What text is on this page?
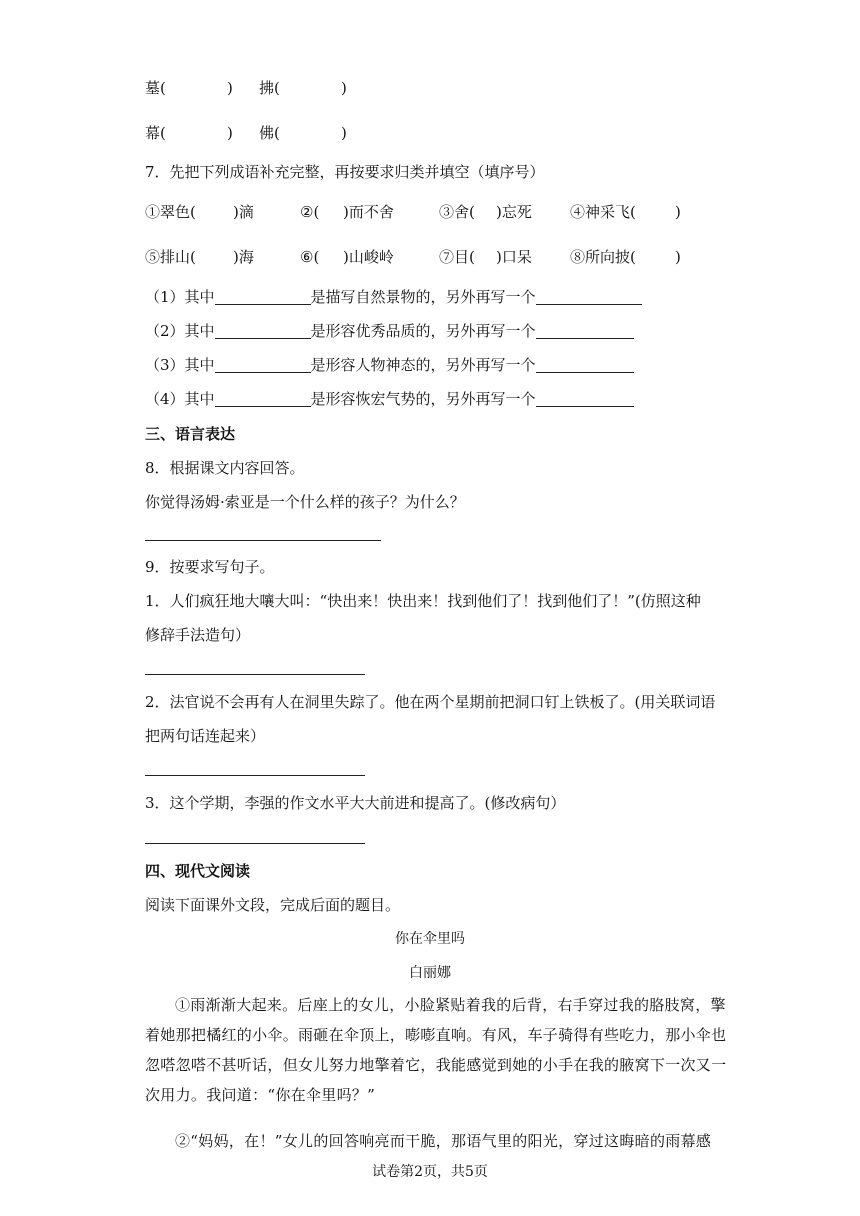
墓(	) 拂(	)
幕(	) 佛(	)
7．先把下列成语补充完整，再按要求归类并填空（填序号）
①翠色( )滴	②( )而不舍	③舍( )忘死	④神采飞(	)
⑤排山( )海	⑥( )山峻岭	⑦目( )口呆	⑧所向披(	)
（1）其中	是描写自然景物的，另外再写一个
（2）其中	是形容优秀品质的，另外再写一个
（3）其中	是形容人物神态的，另外再写一个
（4）其中	是形容恢宏气势的，另外再写一个
三、语言表达
8．根据课文内容回答。
你觉得汤姆·索亚是一个什么样的孩子？为什么？
9．按要求写句子。
1．人们疯狂地大嚷大叫：“快出来！快出来！找到他们了！找到他们了！”(仿照这种
修辞手法造句）
2．法官说不会再有人在洞里失踪了。他在两个星期前把洞口钉上铁板了。(用关联词语
把两句话连起来）
3．这个学期，李强的作文水平大大前进和提高了。(修改病句）
四、现代文阅读
阅读下面课外文段，完成后面的题目。
你在伞里吗
白丽娜
①雨渐渐大起来。后座上的女儿，小脸紧贴着我的后背，右手穿过我的胳肢窝，擎
着她那把橘红的小伞。雨砸在伞顶上，嘭嘭直响。有风，车子骑得有些吃力，那小伞也
忽嗒忽嗒不甚听话，但女儿努力地擎着它，我能感觉到她的小手在我的腋窝下一次又一
次用力。我问道：“你在伞里吗？”
②“妈妈，在！”女儿的回答响亮而干脆，那语气里的阳光，穿过这晦暗的雨幕感
试卷第2页，共5页
